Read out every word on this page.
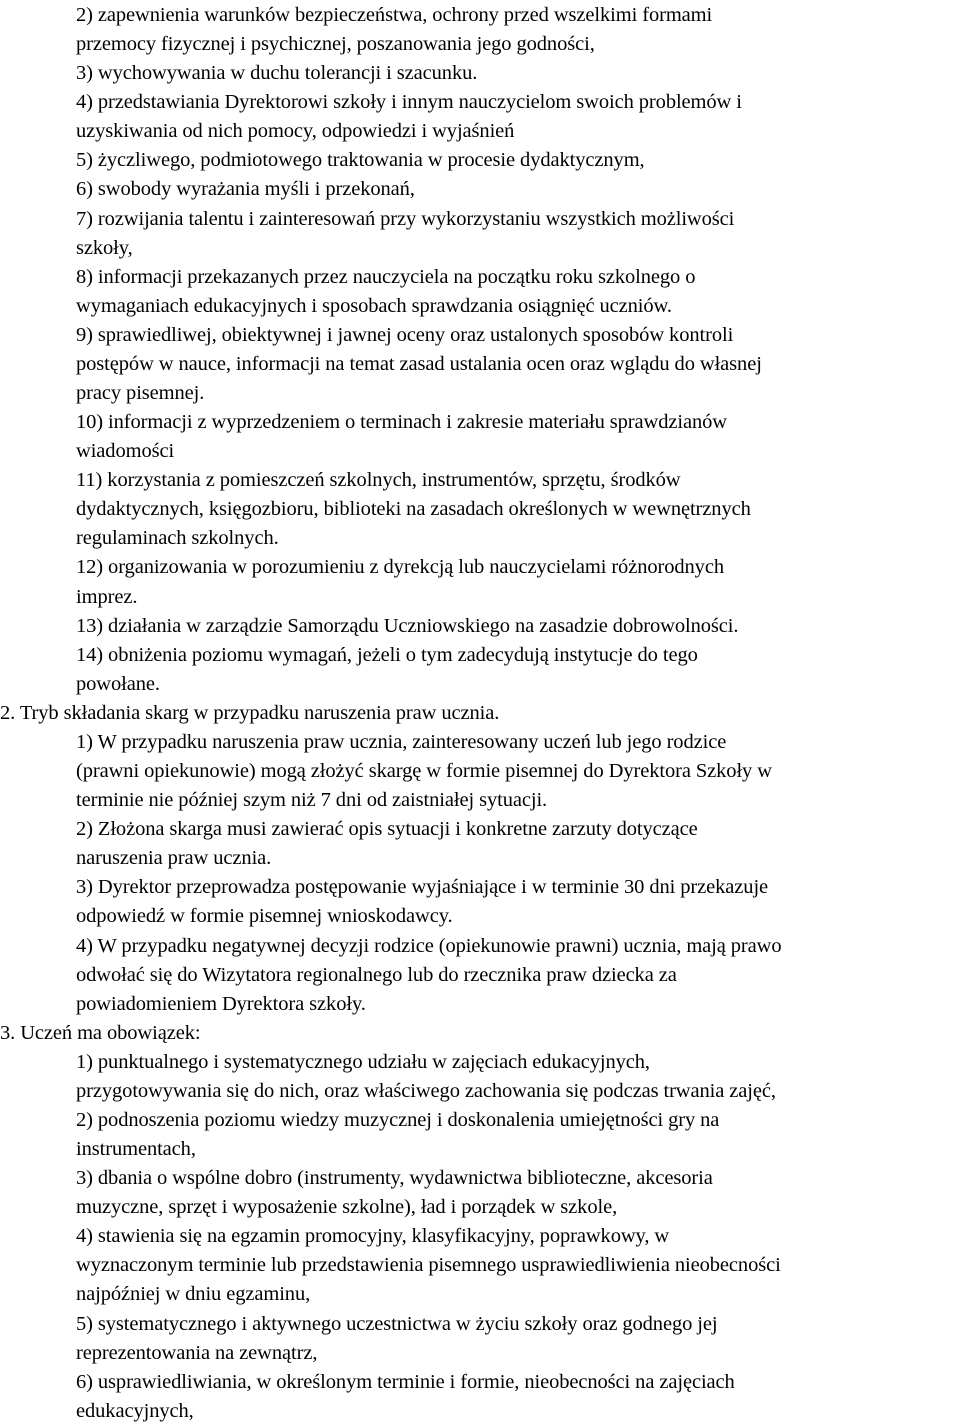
2) zapewnienia warunków bezpieczeństwa, ochrony przed wszelkimi formami
przemocy fizycznej i psychicznej, poszanowania jego godności,
3) wychowywania w duchu tolerancji i szacunku.
4) przedstawiania Dyrektorowi szkoły i innym nauczycielom swoich problemów i
uzyskiwania od nich pomocy, odpowiedzi i wyjaśnień
5) życzliwego, podmiotowego traktowania w procesie dydaktycznym,
6) swobody wyrażania myśli i przekonań,
7) rozwijania talentu i zainteresowań przy wykorzystaniu wszystkich możliwości
szkoły,
8) informacji przekazanych przez nauczyciela na początku roku szkolnego o
wymaganiach edukacyjnych i sposobach sprawdzania osiągnięć uczniów.
9) sprawiedliwej, obiektywnej i jawnej oceny oraz ustalonych sposobów kontroli
postępów w nauce, informacji na temat zasad ustalania ocen oraz wglądu do własnej
pracy pisemnej.
10) informacji z wyprzedzeniem o terminach i zakresie materiału sprawdzianów
wiadomości
11) korzystania z pomieszczeń szkolnych, instrumentów, sprzętu, środków
dydaktycznych, księgozbioru, biblioteki na zasadach określonych w wewnętrznych
regulaminach szkolnych.
12) organizowania w porozumieniu z dyrekcją lub nauczycielami różnorodnych
imprez.
13) działania w zarządzie Samorządu Uczniowskiego na zasadzie dobrowolności.
14) obniżenia poziomu wymagań, jeżeli o tym zadecydują instytucje do tego
powołane.
2. Tryb składania skarg w przypadku naruszenia praw ucznia.
1) W przypadku naruszenia praw ucznia, zainteresowany uczeń lub jego rodzice
(prawni opiekunowie) mogą złożyć skargę w formie pisemnej do Dyrektora Szkoły w
terminie nie później szym niż 7 dni od zaistniałej sytuacji.
2) Złożona skarga musi zawierać opis sytuacji i konkretne zarzuty dotyczące
naruszenia praw ucznia.
3) Dyrektor przeprowadza postępowanie wyjaśniające i w terminie 30 dni przekazuje
odpowiedź w formie pisemnej wnioskodawcy.
4) W przypadku negatywnej decyzji rodzice (opiekunowie prawni) ucznia, mają prawo
odwołać się do Wizytatora regionalnego lub do rzecznika praw dziecka za
powiadomieniem Dyrektora szkoły.
3. Uczeń ma obowiązek:
1) punktualnego i systematycznego udziału w zajęciach edukacyjnych,
przygotowywania się do nich, oraz właściwego zachowania się podczas trwania zajęć,
2) podnoszenia poziomu wiedzy muzycznej i doskonalenia umiejętności gry na
instrumentach,
3) dbania o wspólne dobro (instrumenty, wydawnictwa biblioteczne, akcesoria
muzyczne, sprzęt i wyposażenie szkolne), ład i porządek w szkole,
4) stawienia się na egzamin promocyjny, klasyfikacyjny, poprawkowy, w
wyznaczonym terminie lub przedstawienia pisemnego usprawiedliwienia nieobecności
najpóźniej w dniu egzaminu,
5) systematycznego i aktywnego uczestnictwa w życiu szkoły oraz godnego jej
reprezentowania na zewnątrz,
6) usprawiedliwiania, w określonym terminie i formie, nieobecności na zajęciach
edukacyjnych,
